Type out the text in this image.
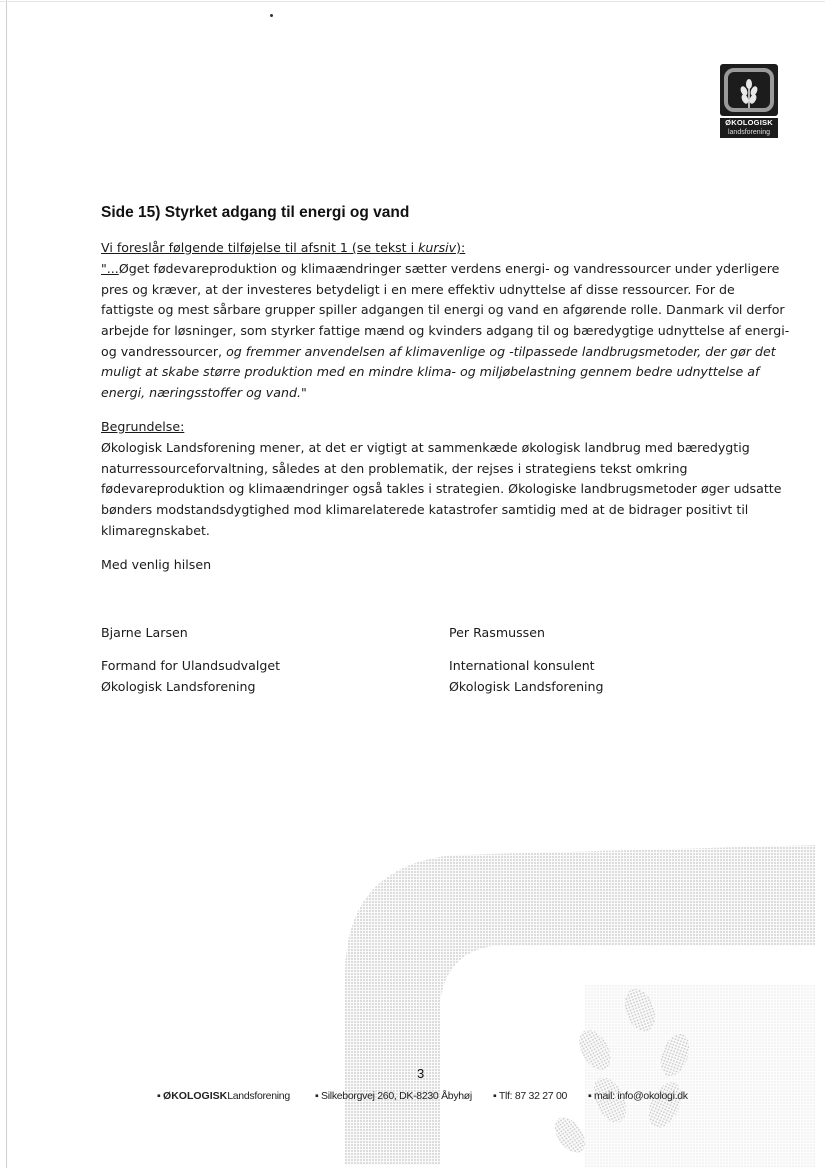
ØKOLOGISK
landsforening
Side 15) Styrket adgang til energi og vand
Vi foreslår følgende tilføjelse til afsnit 1 (se tekst i kursiv):
"...Øget fødevareproduktion og klimaændringer sætter verdens energi- og vandressourcer under yderligere
pres og kræver, at der investeres betydeligt i en mere effektiv udnyttelse af disse ressourcer. For de
fattigste og mest sårbare grupper spiller adgangen til energi og vand en afgørende rolle. Danmark vil derfor
arbejde for løsninger, som styrker fattige mænd og kvinders adgang til og bæredygtige udnyttelse af energi-
og vandressourcer, og fremmer anvendelsen af klimavenlige og -tilpassede landbrugsmetoder, der gør det
muligt at skabe større produktion med en mindre klima- og miljøbelastning gennem bedre udnyttelse af
energi, næringsstoffer og vand."
Begrundelse:
Økologisk Landsforening mener, at det er vigtigt at sammenkæde økologisk landbrug med bæredygtig
naturressourceforvaltning, således at den problematik, der rejses i strategiens tekst omkring
fødevareproduktion og klimaændringer også takles i strategien. Økologiske landbrugsmetoder øger udsatte
bønders modstandsdygtighed mod klimarelaterede katastrofer samtidig med at de bidrager positivt til
klimaregnskabet.
Med venlig hilsen
Bjarne Larsen
Formand for Ulandsudvalget
Økologisk Landsforening
Per Rasmussen
International konsulent
Økologisk Landsforening
3
▪ ØKOLOGISKLandsforening ▪ Silkeborgvej 260, DK-8230 Åbyhøj ▪ Tlf: 87 32 27 00 ▪ mail: info@okologi.dk
